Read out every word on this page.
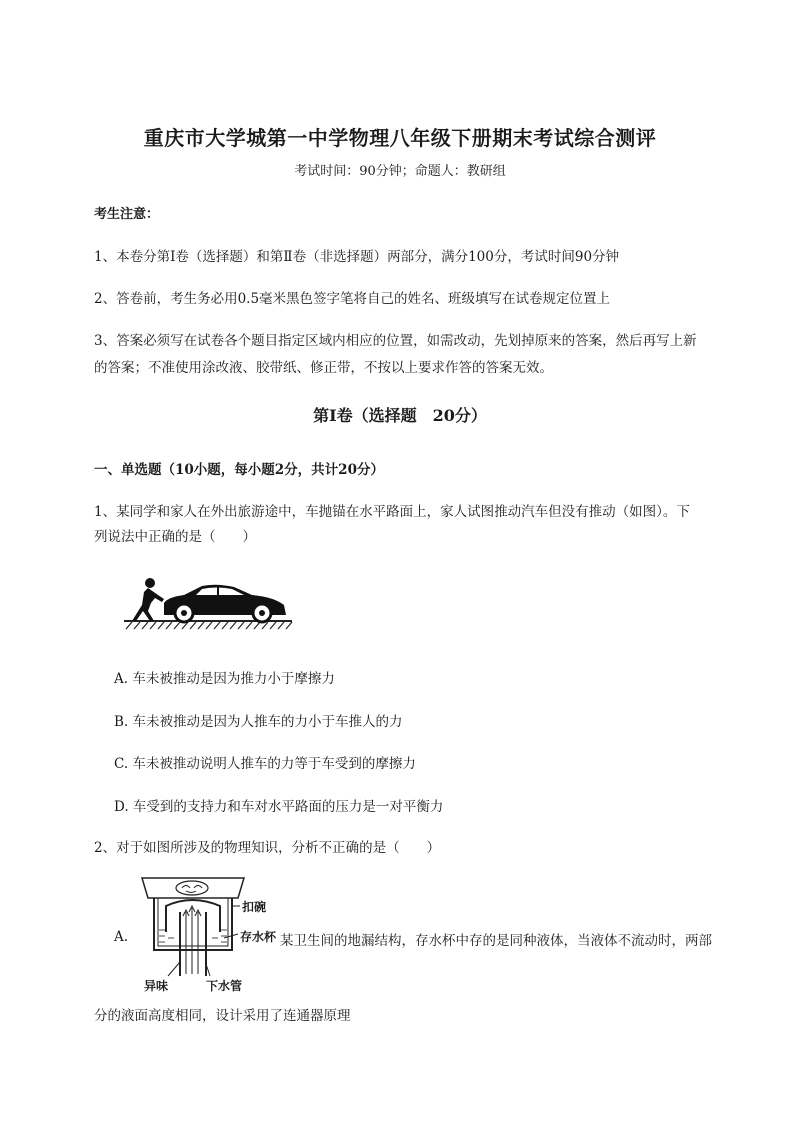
重庆市大学城第一中学物理八年级下册期末考试综合测评
考试时间：90分钟；命题人：教研组
考生注意：
1、本卷分第I卷（选择题）和第Ⅱ卷（非选择题）两部分，满分100分，考试时间90分钟
2、答卷前，考生务必用0.5毫米黑色签字笔将自己的姓名、班级填写在试卷规定位置上
3、答案必须写在试卷各个题目指定区域内相应的位置，如需改动，先划掉原来的答案，然后再写上新
的答案；不准使用涂改液、胶带纸、修正带，不按以上要求作答的答案无效。
第I卷（选择题　20分）
一、单选题（10小题，每小题2分，共计20分）
1、某同学和家人在外出旅游途中，车抛锚在水平路面上，家人试图推动汽车但没有推动（如图）。下
列说法中正确的是（　　）
A. 车未被推动是因为推力小于摩擦力
B. 车未被推动是因为人推车的力小于车推人的力
C. 车未被推动说明人推车的力等于车受到的摩擦力
D. 车受到的支持力和车对水平路面的压力是一对平衡力
2、对于如图所涉及的物理知识，分析不正确的是（　　）
扣碗
存水杯
异味	下水管
A.	某卫生间的地漏结构，存水杯中存的是同种液体，当液体不流动时，两部
分的液面高度相同，设计采用了连通器原理
